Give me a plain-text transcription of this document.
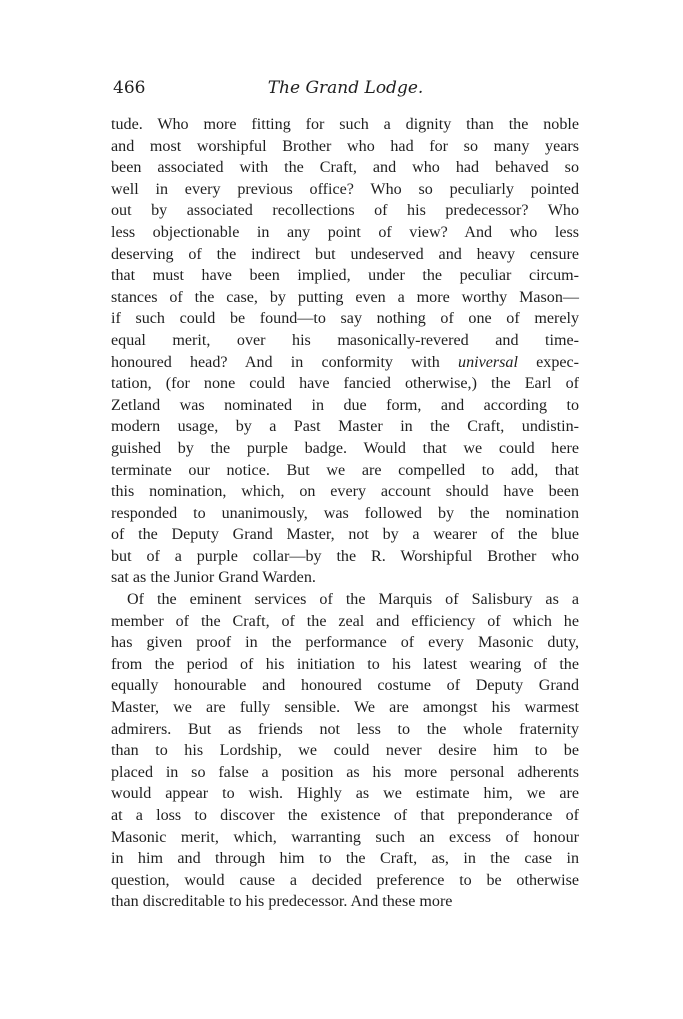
466	The Grand Lodge.
tude. Who more fitting for such a dignity than the noble
and most worshipful Brother who had for so many years
been associated with the Craft, and who had behaved so
well in every previous office? Who so peculiarly pointed
out by associated recollections of his predecessor? Who
less objectionable in any point of view? And who less
deserving of the indirect but undeserved and heavy censure
that must have been implied, under the peculiar circum-
stances of the case, by putting even a more worthy Mason—
if such could be found—to say nothing of one of merely
equal merit, over his masonically-revered and time-
honoured head? And in conformity with universal expec-
tation, (for none could have fancied otherwise,) the Earl of
Zetland was nominated in due form, and according to
modern usage, by a Past Master in the Craft, undistin-
guished by the purple badge. Would that we could here
terminate our notice. But we are compelled to add, that
this nomination, which, on every account should have been
responded to unanimously, was followed by the nomination
of the Deputy Grand Master, not by a wearer of the blue
but of a purple collar—by the R. Worshipful Brother who
sat as the Junior Grand Warden.
Of the eminent services of the Marquis of Salisbury as a
member of the Craft, of the zeal and efficiency of which he
has given proof in the performance of every Masonic duty,
from the period of his initiation to his latest wearing of the
equally honourable and honoured costume of Deputy Grand
Master, we are fully sensible. We are amongst his warmest
admirers. But as friends not less to the whole fraternity
than to his Lordship, we could never desire him to be
placed in so false a position as his more personal adherents
would appear to wish. Highly as we estimate him, we are
at a loss to discover the existence of that preponderance of
Masonic merit, which, warranting such an excess of honour
in him and through him to the Craft, as, in the case in
question, would cause a decided preference to be otherwise
than discreditable to his predecessor. And these more
